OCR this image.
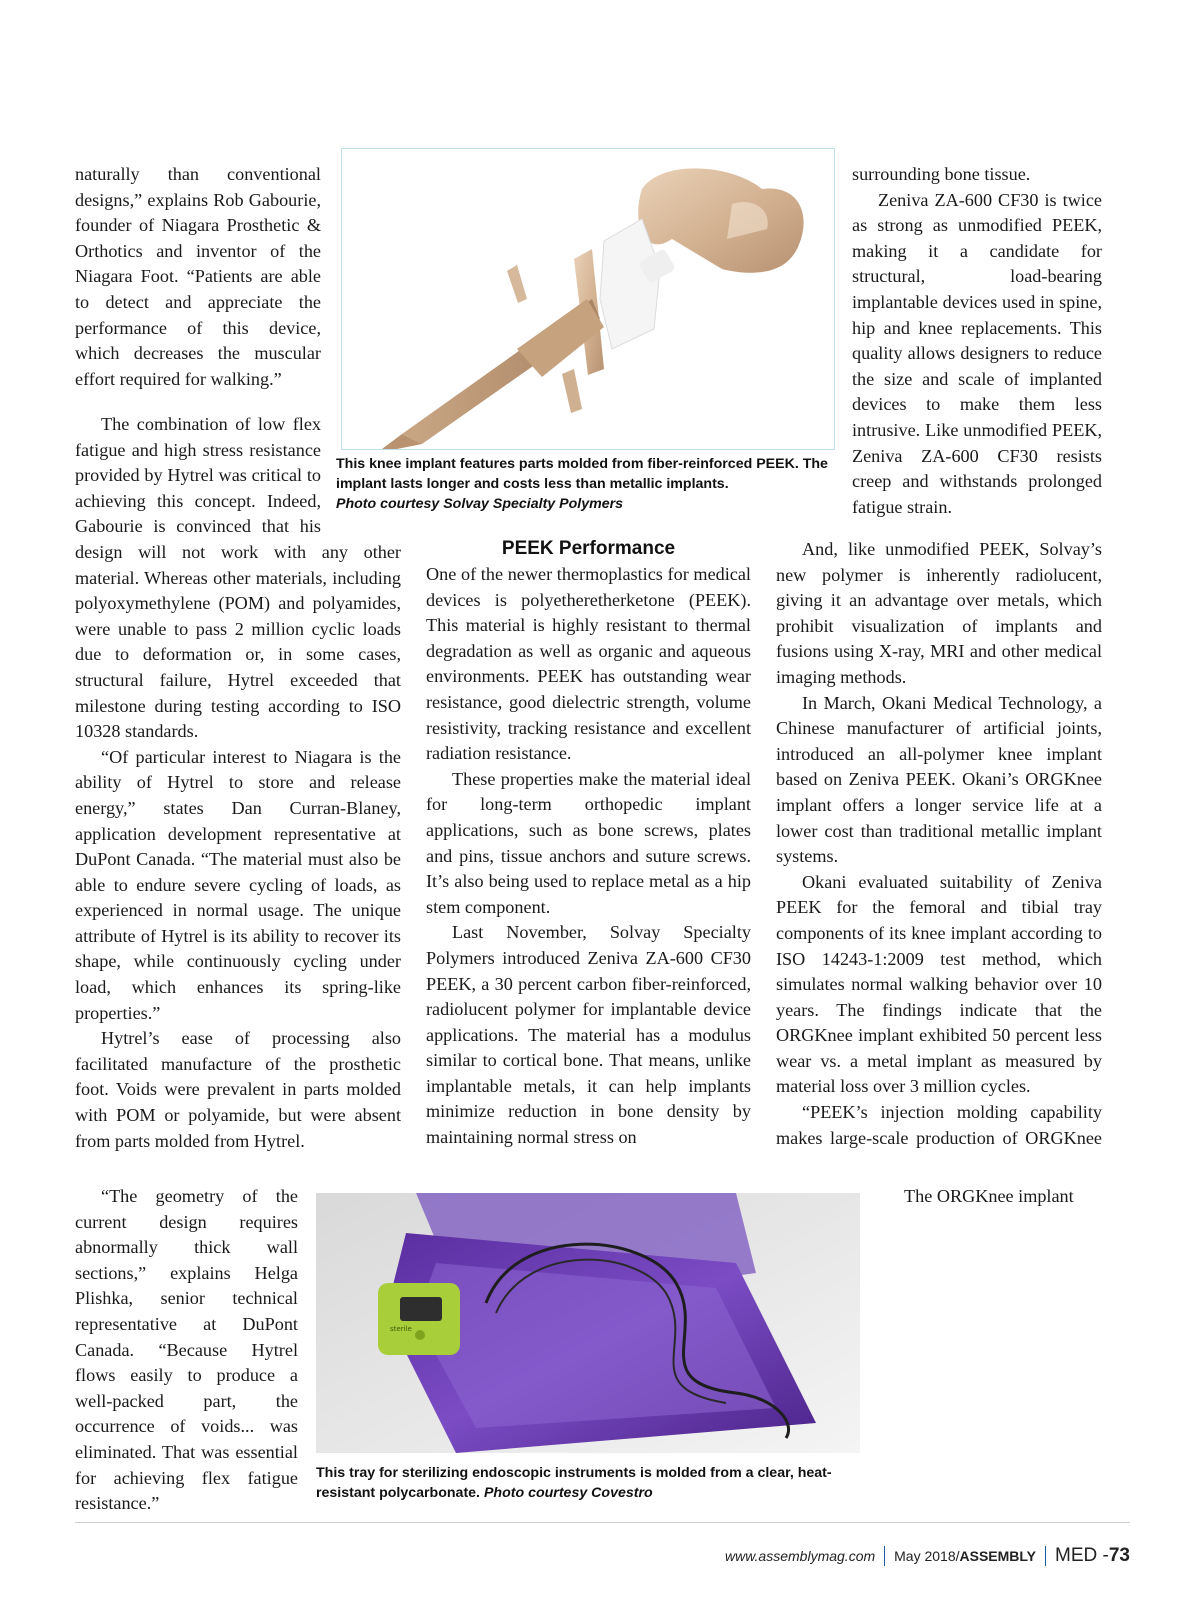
naturally than conventional designs,” explains Rob Gabourie, founder of Niagara Prosthetic & Orthotics and inventor of the Niagara Foot. “Patients are able to detect and appreciate the performance of this device, which decreases the muscular effort required for walking.”

The combination of low flex fatigue and high stress resistance provided by Hytrel was critical to achieving this concept. Indeed, Gabourie is convinced that his design will not work with any other material. Whereas other materials, including polyoxymethylene (POM) and polyamides, were unable to pass 2 million cyclic loads due to deformation or, in some cases, structural failure, Hytrel exceeded that milestone during testing according to ISO 10328 standards.

“Of particular interest to Niagara is the ability of Hytrel to store and release energy,” states Dan Curran-Blaney, application development representative at DuPont Canada. “The material must also be able to endure severe cycling of loads, as experienced in normal usage. The unique attribute of Hytrel is its ability to recover its shape, while continuously cycling under load, which enhances its spring-like properties.”

Hytrel’s ease of processing also facilitated manufacture of the prosthetic foot. Voids were prevalent in parts molded with POM or polyamide, but were absent from parts molded from Hytrel.

“The geometry of the current design requires abnormally thick wall sections,” explains Helga Plishka, senior technical representative at DuPont Canada. “Because Hytrel flows easily to produce a well-packed part, the occurrence of voids... was eliminated. That was essential for achieving flex fatigue resistance.”

This knee implant features parts molded from fiber-reinforced PEEK. The implant lasts longer and costs less than metallic implants.
Photo courtesy Solvay Specialty Polymers
PEEK Performance

One of the newer thermoplastics for medical devices is polyetheretherketone (PEEK). This material is highly resistant to thermal degradation as well as organic and aqueous environments. PEEK has outstanding wear resistance, good dielectric strength, volume resistivity, tracking resistance and excellent radiation resistance.

These properties make the material ideal for long-term orthopedic implant applications, such as bone screws, plates and pins, tissue anchors and suture screws. It’s also being used to replace metal as a hip stem component.

Last November, Solvay Specialty Polymers introduced Zeniva ZA-600 CF30 PEEK, a 30 percent carbon fiber-reinforced, radiolucent polymer for implantable device applications. The material has a modulus similar to cortical bone. That means, unlike implantable metals, it can help implants minimize reduction in bone density by maintaining normal stress on

surrounding bone tissue.

Zeniva ZA-600 CF30 is twice as strong as unmodified PEEK, making it a candidate for structural, load-bearing implantable devices used in spine, hip and knee replacements. This quality allows designers to reduce the size and scale of implanted devices to make them less intrusive. Like unmodified PEEK, Zeniva ZA-600 CF30 resists creep and withstands prolonged fatigue strain.

And, like unmodified PEEK, Solvay’s new polymer is inherently radiolucent, giving it an advantage over metals, which prohibit visualization of implants and fusions using X-ray, MRI and other medical imaging methods.

In March, Okani Medical Technology, a Chinese manufacturer of artificial joints, introduced an all-polymer knee implant based on Zeniva PEEK. Okani’s ORGKnee implant offers a longer service life at a lower cost than traditional metallic implant systems.

Okani evaluated suitability of Zeniva PEEK for the femoral and tibial tray components of its knee implant according to ISO 14243-1:2009 test method, which simulates normal walking behavior over 10 years. The findings indicate that the ORGKnee implant exhibited 50 percent less wear vs. a metal implant as measured by material loss over 3 million cycles.

“PEEK’s injection molding capability makes large-scale production of ORGKnee

The ORGKnee implant

sterile
This tray for sterilizing endoscopic instruments is molded from a clear, heat-resistant polycarbonate. Photo courtesy Covestro
www.assemblymag.com May 2018/ ASSEMBLY MED - 73
